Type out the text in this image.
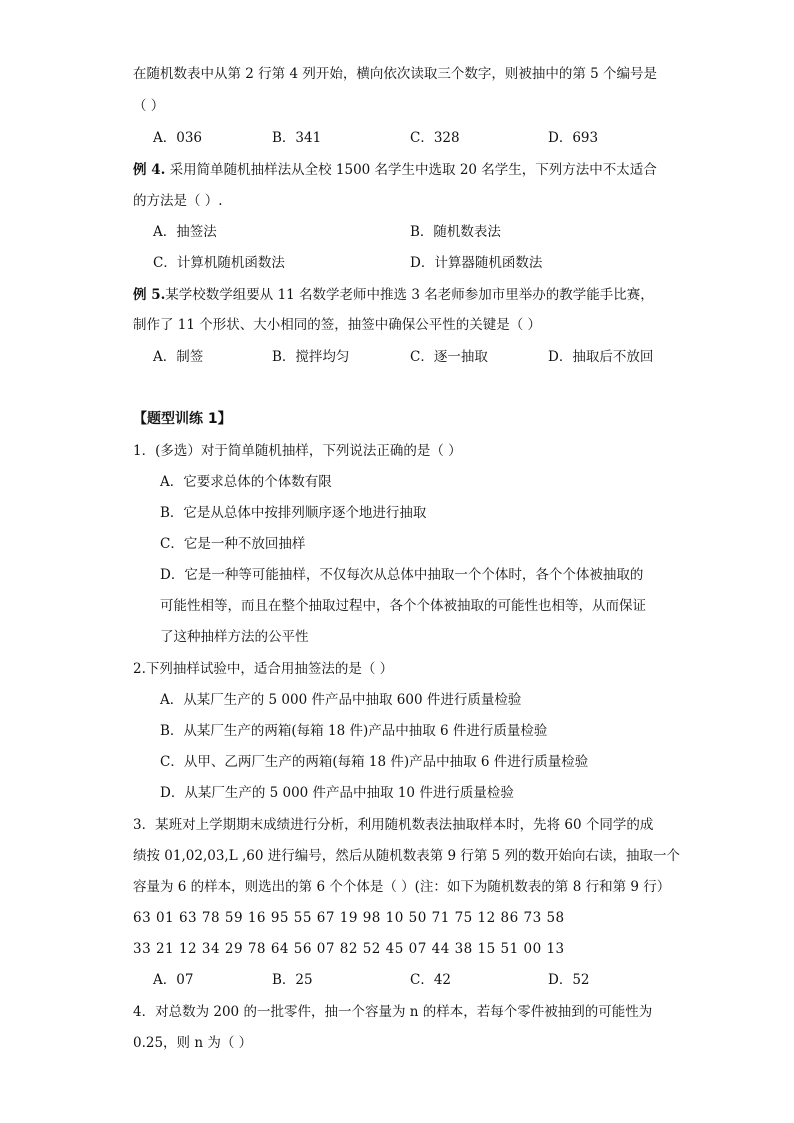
在随机数表中从第 2 行第 4 列开始，横向依次读取三个数字，则被抽中的第 5 个编号是
（ ）
A．036	B．341	C．328	D．693
例 4. 采用简单随机抽样法从全校 1500 名学生中选取 20 名学生，下列方法中不太适合
的方法是（ ）.
A．抽签法	B．随机数表法
C．计算机随机函数法	D．计算器随机函数法
例 5.某学校数学组要从 11 名数学老师中推选 3 名老师参加市里举办的教学能手比赛，
制作了 11 个形状、大小相同的签，抽签中确保公平性的关键是（ ）
A．制签	B．搅拌均匀	C．逐一抽取	D．抽取后不放回
【题型训练 1】
1．(多选）对于简单随机抽样，下列说法正确的是（ ）
A．它要求总体的个体数有限
B．它是从总体中按排列顺序逐个地进行抽取
C．它是一种不放回抽样
D．它是一种等可能抽样，不仅每次从总体中抽取一个个体时，各个个体被抽取的
可能性相等，而且在整个抽取过程中，各个个体被抽取的可能性也相等，从而保证
了这种抽样方法的公平性
2.下列抽样试验中，适合用抽签法的是（ ）
A．从某厂生产的 5 000 件产品中抽取 600 件进行质量检验
B．从某厂生产的两箱(每箱 18 件)产品中抽取 6 件进行质量检验
C．从甲、乙两厂生产的两箱(每箱 18 件)产品中抽取 6 件进行质量检验
D．从某厂生产的 5 000 件产品中抽取 10 件进行质量检验
3．某班对上学期期末成绩进行分析，利用随机数表法抽取样本时，先将 60 个同学的成
绩按 01,02,03,L ,60 进行编号，然后从随机数表第 9 行第 5 列的数开始向右读，抽取一个
容量为 6 的样本，则选出的第 6 个个体是（ ）(注：如下为随机数表的第 8 行和第 9 行）
63 01 63 78 59 16 95 55 67 19 98 10 50 71 75 12 86 73 58
33 21 12 34 29 78 64 56 07 82 52 45 07 44 38 15 51 00 13
A．07	B．25	C．42	D．52
4．对总数为 200 的一批零件，抽一个容量为 n 的样本，若每个零件被抽到的可能性为
0.25，则 n 为（ ）
